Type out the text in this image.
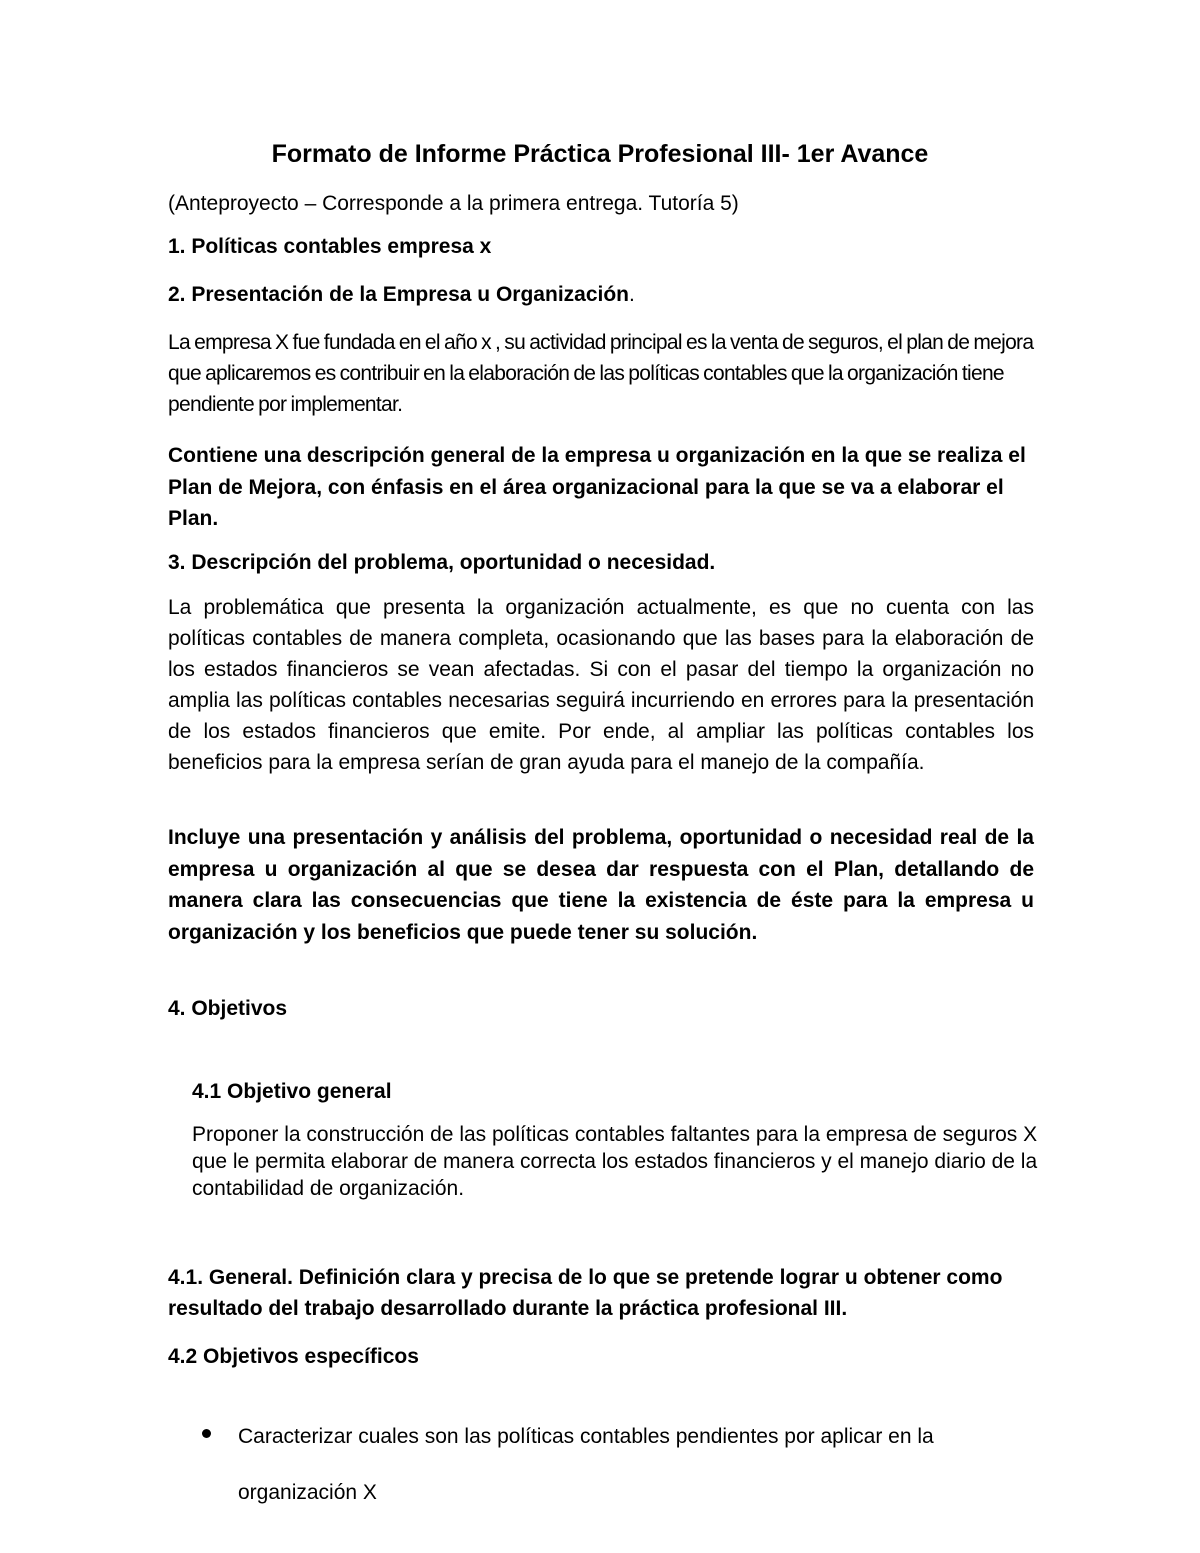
Formato de Informe Práctica Profesional III- 1er Avance
(Anteproyecto – Corresponde a la primera entrega. Tutoría 5)
1. Políticas contables empresa x
2. Presentación de la Empresa u Organización.
La empresa X fue fundada en el año x , su actividad principal es la venta de seguros, el plan de mejora que aplicaremos es contribuir en la elaboración de las políticas contables que la organización tiene pendiente por implementar.
Contiene una descripción general de la empresa u organización en la que se realiza el Plan de Mejora, con énfasis en el área organizacional para la que se va a elaborar el Plan.
3. Descripción del problema, oportunidad o necesidad.
La problemática que presenta la organización actualmente, es que no cuenta con las políticas contables de manera completa, ocasionando que las bases para la elaboración de los estados financieros se vean afectadas. Si con el pasar del tiempo la organización no amplia las políticas contables necesarias seguirá incurriendo en errores para la presentación de los estados financieros que emite. Por ende, al ampliar las políticas contables los beneficios para la empresa serían de gran ayuda para el manejo de la compañía.
Incluye una presentación y análisis del problema, oportunidad o necesidad real de la empresa u organización al que se desea dar respuesta con el Plan, detallando de manera clara las consecuencias que tiene la existencia de éste para la empresa u organización y los beneficios que puede tener su solución.
4. Objetivos
4.1 Objetivo general
Proponer la construcción de las políticas contables faltantes para la empresa de seguros X que le permita elaborar de manera correcta los estados financieros y el manejo diario de la contabilidad de organización.
4.1. General. Definición clara y precisa de lo que se pretende lograr u obtener como resultado del trabajo desarrollado durante la práctica profesional III.
4.2 Objetivos específicos
Caracterizar cuales son las políticas contables pendientes por aplicar en la organización X
